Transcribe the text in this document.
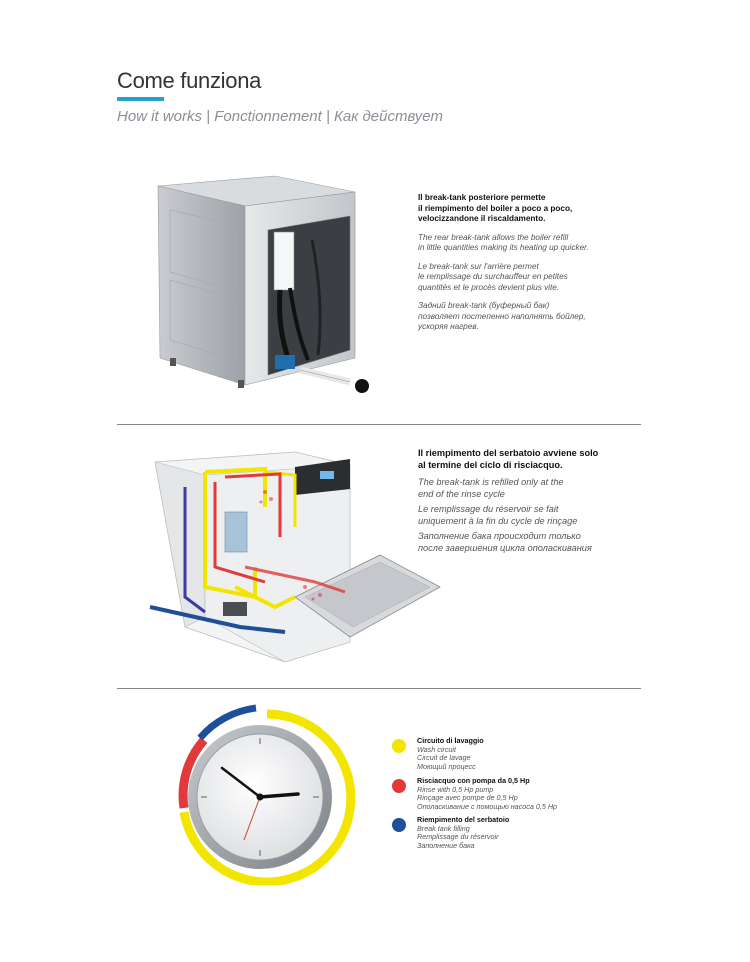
Come funziona
How it works | Fonctionnement | Как действует

Il break-tank posteriore permette
il riempimento del boiler a poco a poco,
velocizzandone il riscaldamento.

The rear break-tank allows the boiler refill
in little quantities making its heating up quicker.

Le break-tank sur l'arrière permet
le remplissage du surchauffeur en petites
quantités et le procès devient plus vite.

Задний break-tank (буферный бак)
позволяет постепенно наполнять бойлер,
ускоряя нагрев.

Il riempimento del serbatoio avviene solo
al termine del ciclo di risciacquo.

The break-tank is refilled only at the
end of the rinse cycle

Le remplissage du réservoir se fait
uniquement à la fin du cycle de rinçage

Заполнение бака происходит только
после завершения цикла ополаскивания

Circuito di lavaggio
Wash circuit
Circuit de lavage
Моющий процесс
Risciacquo con pompa da 0,5 Hp
Rinse with 0,5 Hp pump
Rinçage avec pompe de 0,5 Hp
Ополаскивание с помощью насоса 0,5 Hp
Riempimento del serbatoio
Break tank filling
Remplissage du réservoir
Заполнение бака
